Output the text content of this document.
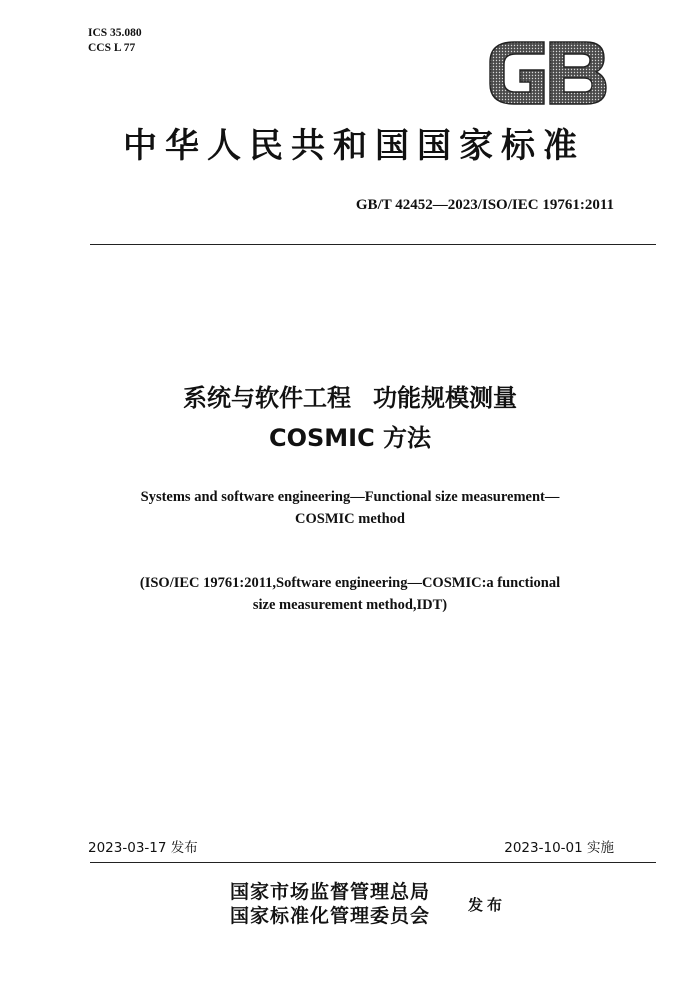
ICS 35.080
CCS L 77
中华人民共和国国家标准
GB/T 42452—2023/ISO/IEC 19761:2011
系统与软件工程 功能规模测量
COSMIC 方法
Systems and software engineering—Functional size measurement—
COSMIC method
(ISO/IEC 19761:2011,Software engineering—COSMIC:a functional
size measurement method,IDT)
2023-03-17 发布	2023-10-01 实施
国家市场监督管理总局
国家标准化管理委员会	发布
